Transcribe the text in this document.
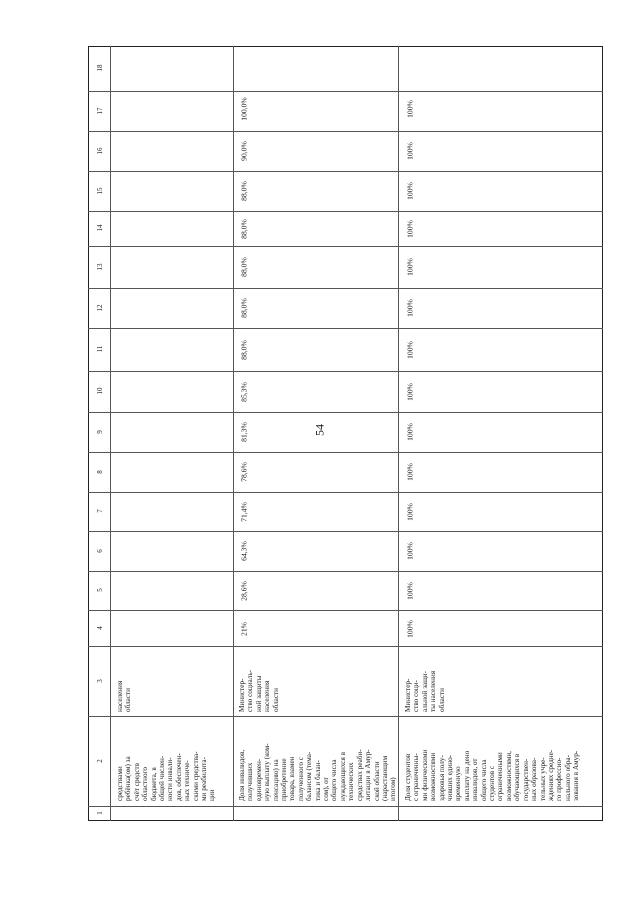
54
18
17
16
15
14
13
12
11
10
9
8
7
6
5
4
3
2
1
средствами
ребёнка(ом) за
счёт средств
областного
бюджета, в
общей числен-
ности инвали-
дов, обеспечен-
ных техниче-
скими средства-
ми реабилита-
ции
населения
области
Доля инвалидов,
получивших
единовремен-
ную выплату (ком-
пенсацию) на
приобретение
товара, взамен
полученного с
балансом (тема-
тика и балан-
сом), от
общего числа
нуждающихся в
технических
средствах реаби-
литации в Амур-
ской области
(нарастающим
итогом)
Министер-
ство социаль-
ной защиты
населения
области
21%
28,6%
64,3%
71,4%
78,6%
81,3%
85,3%
88,0%
88,0%
88,0%
88,0%
88,0%
90,0%
100,0%
Доля студентов
с ограниченны-
ми физическими
возможностями
здоровья полу-
чивших едино-
временную
выплату на дено
инвалидов, от
общего числа
студентов с
ограниченными
возможностями,
обучающихся в
государствен-
ных образова-
тельных учре-
ждениях средне-
го профессио-
нального обра-
зования в Амур-
Министер-
ство соци-
альной защи-
ты населения
области
100%
100%
100%
100%
100%
100%
100%
100%
100%
100%
100%
100%
100%
100%
